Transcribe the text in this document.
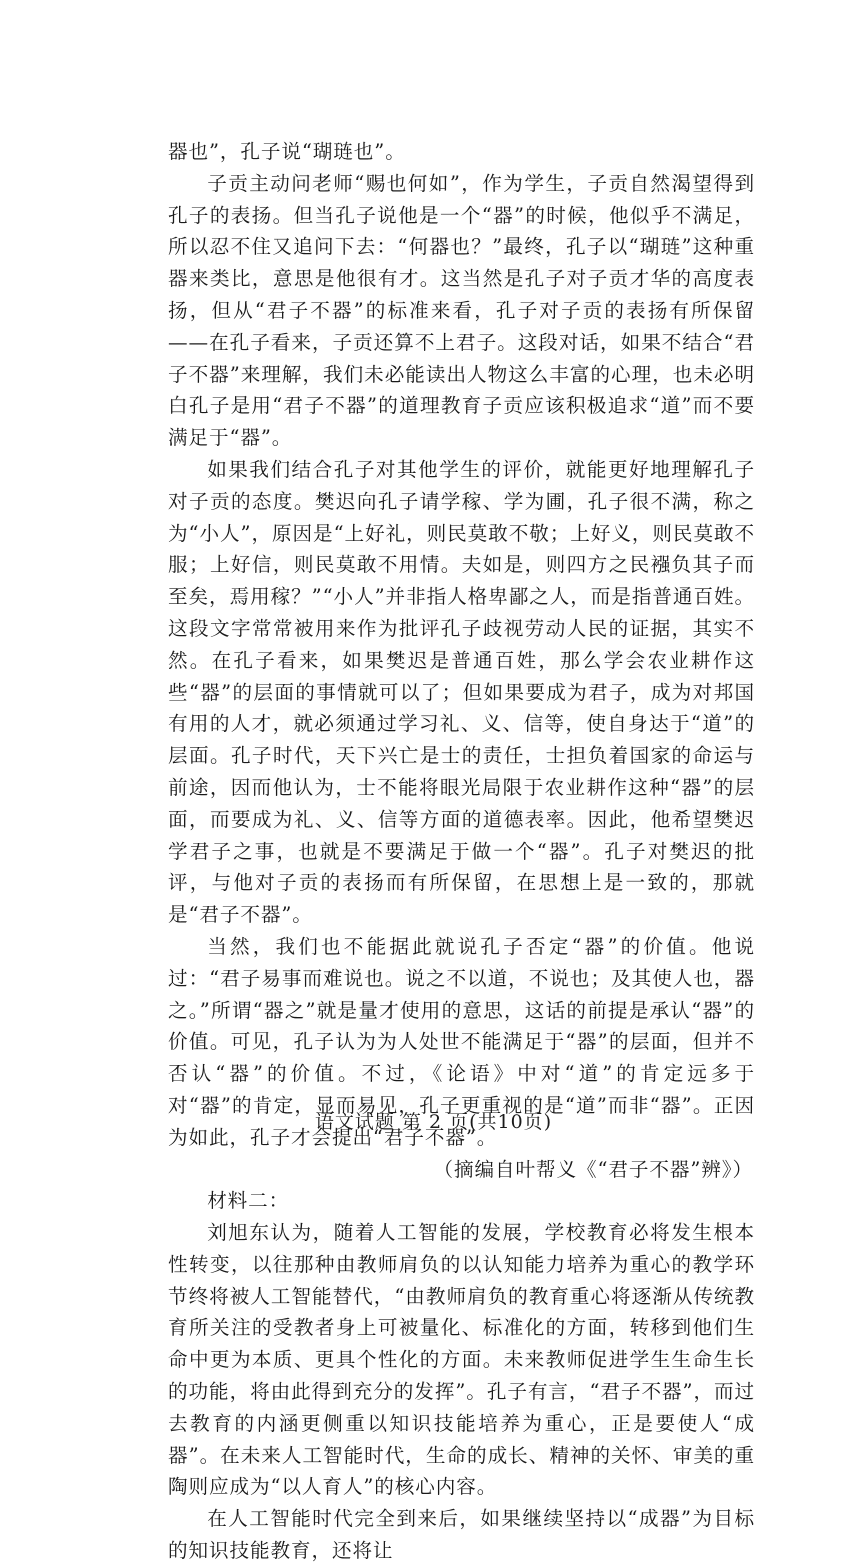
器也”，孔子说“瑚琏也”。

子贡主动问老师“赐也何如”，作为学生，子贡自然渴望得到孔子的表扬。但当孔子说他是一个“器”的时候，他似乎不满足，所以忍不住又追问下去：“何器也？”最终，孔子以“瑚琏”这种重器来类比，意思是他很有才。这当然是孔子对子贡才华的高度表扬，但从“君子不器”的标准来看，孔子对子贡的表扬有所保留——在孔子看来，子贡还算不上君子。这段对话，如果不结合“君子不器”来理解，我们未必能读出人物这么丰富的心理，也未必明白孔子是用“君子不器”的道理教育子贡应该积极追求“道”而不要满足于“器”。

如果我们结合孔子对其他学生的评价，就能更好地理解孔子对子贡的态度。樊迟向孔子请学稼、学为圃，孔子很不满，称之为“小人”，原因是“上好礼，则民莫敢不敬；上好义，则民莫敢不服；上好信，则民莫敢不用情。夫如是，则四方之民襁负其子而至矣，焉用稼？”“小人”并非指人格卑鄙之人，而是指普通百姓。这段文字常常被用来作为批评孔子歧视劳动人民的证据，其实不然。在孔子看来，如果樊迟是普通百姓，那么学会农业耕作这些“器”的层面的事情就可以了；但如果要成为君子，成为对邦国有用的人才，就必须通过学习礼、义、信等，使自身达于“道”的层面。孔子时代，天下兴亡是士的责任，士担负着国家的命运与前途，因而他认为，士不能将眼光局限于农业耕作这种“器”的层面，而要成为礼、义、信等方面的道德表率。因此，他希望樊迟学君子之事，也就是不要满足于做一个“器”。孔子对樊迟的批评，与他对子贡的表扬而有所保留，在思想上是一致的，那就是“君子不器”。

当然，我们也不能据此就说孔子否定“器”的价值。他说过：“君子易事而难说也。说之不以道，不说也；及其使人也，器之。”所谓“器之”就是量才使用的意思，这话的前提是承认“器”的价值。可见，孔子认为为人处世不能满足于“器”的层面，但并不否认“器”的价值。不过，《论语》中对“道”的肯定远多于对“器”的肯定，显而易见，孔子更重视的是“道”而非“器”。正因为如此，孔子才会提出“君子不器”。

（摘编自叶帮义《“君子不器”辨》）

材料二：

刘旭东认为，随着人工智能的发展，学校教育必将发生根本性转变，以往那种由教师肩负的以认知能力培养为重心的教学环节终将被人工智能替代，“由教师肩负的教育重心将逐渐从传统教育所关注的受教者身上可被量化、标准化的方面，转移到他们生命中更为本质、更具个性化的方面。未来教师促进学生生命生长的功能，将由此得到充分的发挥”。孔子有言，“君子不器”，而过去教育的内涵更侧重以知识技能培养为重心，正是要使人“成器”。在未来人工智能时代，生命的成长、精神的关怀、审美的重陶则应成为“以人育人”的核心内容。

在人工智能时代完全到来后，如果继续坚持以“成器”为目标的知识技能教育，还将让

语文试题 第 2 页(共10页)
